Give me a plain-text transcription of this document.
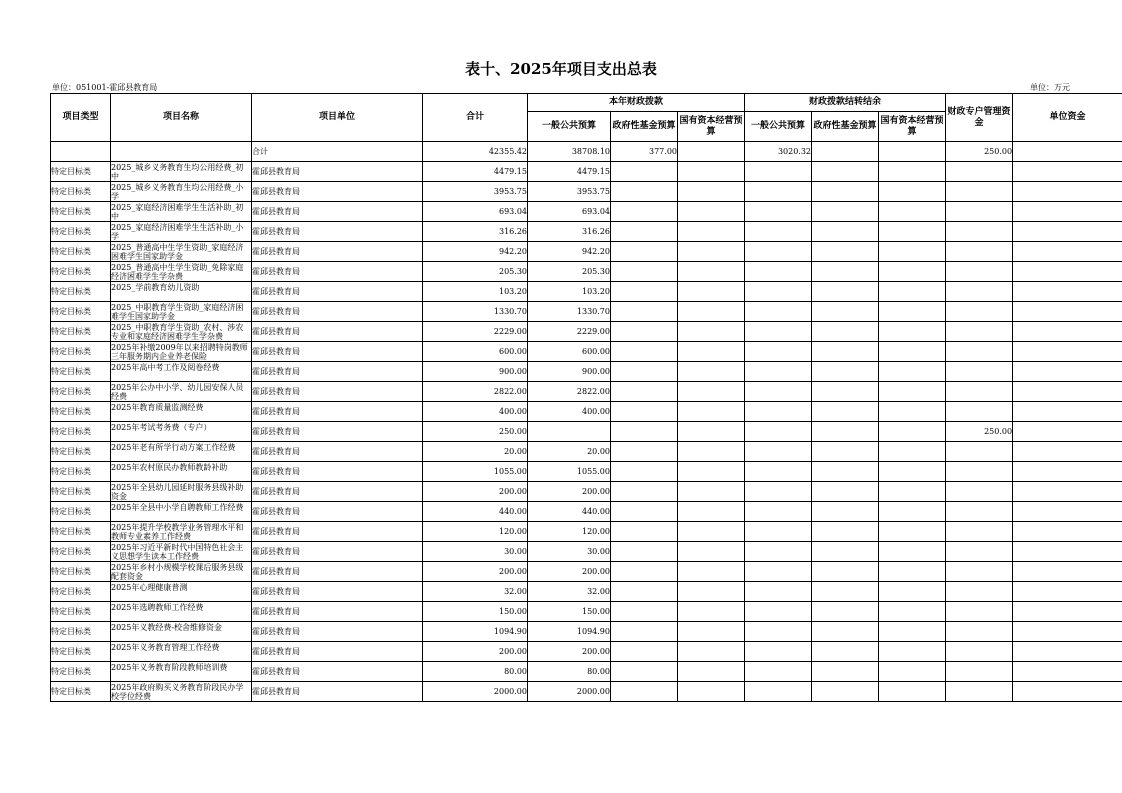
表十、2025年项目支出总表
单位：051001-霍邱县教育局	单位：万元
项目类型	项目名称	项目单位	合计	本年财政拨款			财政拨款结转结余			财政专户管理资金	单位资金
				一般公共预算	政府性基金预算	国有资本经营预算	一般公共预算	政府性基金预算	国有资本经营预算		
		合计	42355.42	38708.10	377.00		3020.32			250.00	
特定目标类	2025_城乡义务教育生均公用经费_初中	霍邱县教育局	4479.15	4479.15							
特定目标类	2025_城乡义务教育生均公用经费_小学	霍邱县教育局	3953.75	3953.75							
特定目标类	2025_家庭经济困难学生生活补助_初中	霍邱县教育局	693.04	693.04							
特定目标类	2025_家庭经济困难学生生活补助_小学	霍邱县教育局	316.26	316.26							
特定目标类	2025_普通高中生学生资助_家庭经济困难学生国家助学金	霍邱县教育局	942.20	942.20							
特定目标类	2025_普通高中生学生资助_免除家庭经济困难学生学杂费	霍邱县教育局	205.30	205.30							
特定目标类	2025_学前教育幼儿资助	霍邱县教育局	103.20	103.20							
特定目标类	2025_中职教育学生资助_家庭经济困难学生国家助学金	霍邱县教育局	1330.70	1330.70							
特定目标类	2025_中职教育学生资助_农村、涉农专业和家庭经济困难学生学杂费	霍邱县教育局	2229.00	2229.00							
特定目标类	2025年补缴2009年以来招聘特岗教师三年服务期内企业养老保险	霍邱县教育局	600.00	600.00							
特定目标类	2025年高中考工作及阅卷经费	霍邱县教育局	900.00	900.00							
特定目标类	2025年公办中小学、幼儿园安保人员经费	霍邱县教育局	2822.00	2822.00							
特定目标类	2025年教育质量监测经费	霍邱县教育局	400.00	400.00							
特定目标类	2025年考试考务费（专户）	霍邱县教育局	250.00							250.00	
特定目标类	2025年老有所学行动方案工作经费	霍邱县教育局	20.00	20.00							
特定目标类	2025年农村原民办教师教龄补助	霍邱县教育局	1055.00	1055.00							
特定目标类	2025年全县幼儿园延时服务县级补助资金	霍邱县教育局	200.00	200.00							
特定目标类	2025年全县中小学自聘教师工作经费	霍邱县教育局	440.00	440.00							
特定目标类	2025年提升学校教学业务管理水平和教师专业素养工作经费	霍邱县教育局	120.00	120.00							
特定目标类	2025年习近平新时代中国特色社会主义思想学生读本工作经费	霍邱县教育局	30.00	30.00							
特定目标类	2025年乡村小规模学校课后服务县级配套资金	霍邱县教育局	200.00	200.00							
特定目标类	2025年心理健康普测	霍邱县教育局	32.00	32.00							
特定目标类	2025年选聘教师工作经费	霍邱县教育局	150.00	150.00							
特定目标类	2025年义教经费-校舍维修资金	霍邱县教育局	1094.90	1094.90							
特定目标类	2025年义务教育管理工作经费	霍邱县教育局	200.00	200.00							
特定目标类	2025年义务教育阶段教师培训费	霍邱县教育局	80.00	80.00							
特定目标类	2025年政府购买义务教育阶段民办学校学位经费	霍邱县教育局	2000.00	2000.00							
